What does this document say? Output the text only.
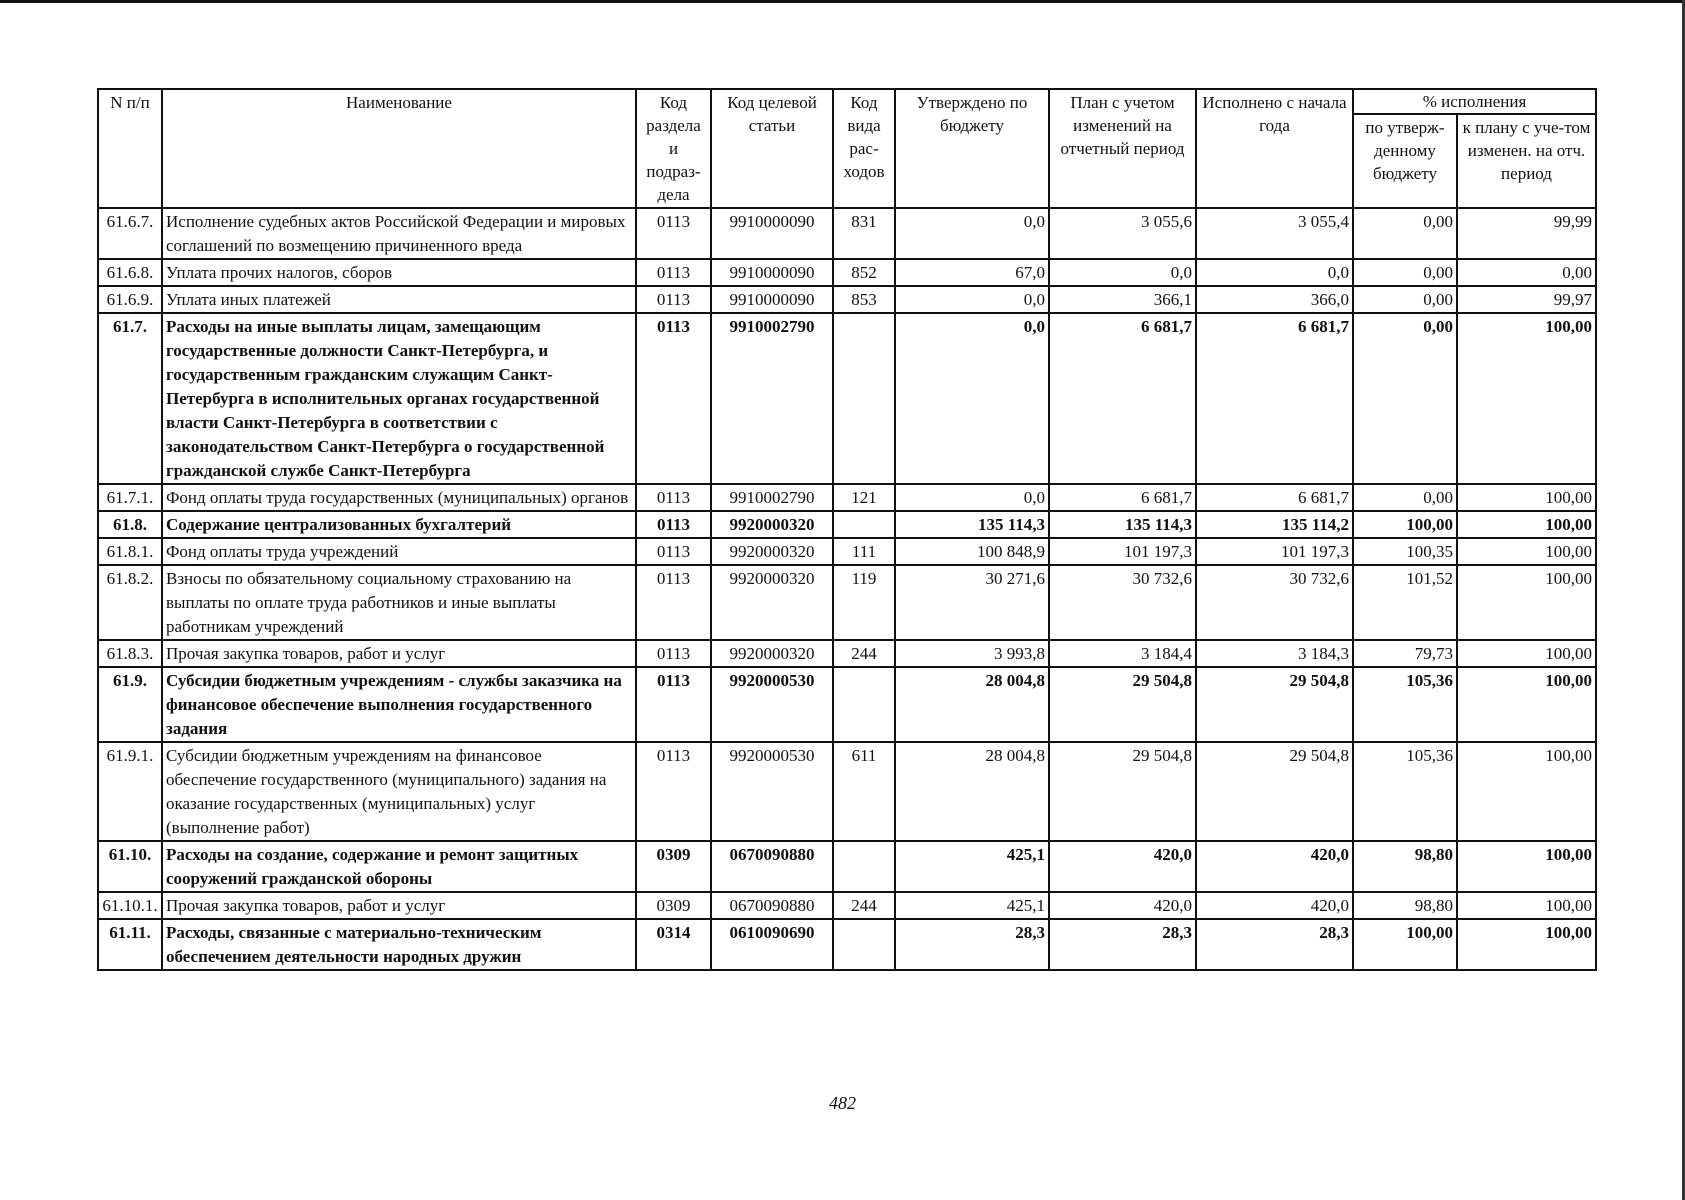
N п/п	Наименование	Код раздела и подраз-дела	Код целевой статьи	Код вида рас-ходов	Утверждено по бюджету	План с учетом изменений на отчетный период	Исполнено с начала года	% исполнения	
								по утверж-денному бюджету	к плану с уче-том изменен. на отч. период
61.6.7.	Исполнение судебных актов Российской Федерации и мировых соглашений по возмещению причиненного вреда	0113	9910000090	831	0,0	3 055,6	3 055,4	0,00	99,99
61.6.8.	Уплата прочих налогов, сборов	0113	9910000090	852	67,0	0,0	0,0	0,00	0,00
61.6.9.	Уплата иных платежей	0113	9910000090	853	0,0	366,1	366,0	0,00	99,97
61.7.	Расходы на иные выплаты лицам, замещающим государственные должности Санкт-Петербурга, и государственным гражданским служащим Санкт-Петербурга в исполнительных органах государственной власти Санкт-Петербурга в соответствии с законодательством Санкт-Петербурга о государственной гражданской службе Санкт-Петербурга	0113	9910002790		0,0	6 681,7	6 681,7	0,00	100,00
61.7.1.	Фонд оплаты труда государственных (муниципальных) органов	0113	9910002790	121	0,0	6 681,7	6 681,7	0,00	100,00
61.8.	Содержание централизованных бухгалтерий	0113	9920000320		135 114,3	135 114,3	135 114,2	100,00	100,00
61.8.1.	Фонд оплаты труда учреждений	0113	9920000320	111	100 848,9	101 197,3	101 197,3	100,35	100,00
61.8.2.	Взносы по обязательному социальному страхованию на выплаты по оплате труда работников и иные выплаты работникам учреждений	0113	9920000320	119	30 271,6	30 732,6	30 732,6	101,52	100,00
61.8.3.	Прочая закупка товаров, работ и услуг	0113	9920000320	244	3 993,8	3 184,4	3 184,3	79,73	100,00
61.9.	Субсидии бюджетным учреждениям - службы заказчика на финансовое обеспечение выполнения государственного задания	0113	9920000530		28 004,8	29 504,8	29 504,8	105,36	100,00
61.9.1.	Субсидии бюджетным учреждениям на финансовое обеспечение государственного (муниципального) задания на оказание государственных (муниципальных) услуг (выполнение работ)	0113	9920000530	611	28 004,8	29 504,8	29 504,8	105,36	100,00
61.10.	Расходы на создание, содержание и ремонт защитных сооружений гражданской обороны	0309	0670090880		425,1	420,0	420,0	98,80	100,00
61.10.1.	Прочая закупка товаров, работ и услуг	0309	0670090880	244	425,1	420,0	420,0	98,80	100,00
61.11.	Расходы, связанные с материально-техническим обеспечением деятельности народных дружин	0314	0610090690		28,3	28,3	28,3	100,00	100,00
482
